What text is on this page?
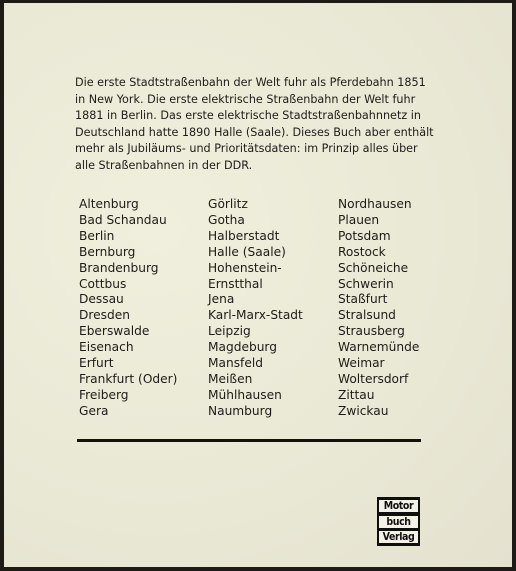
Die erste Stadtstraßenbahn der Welt fuhr als Pferdebahn 1851 in New York. Die erste elektrische Straßenbahn der Welt fuhr 1881 in Berlin. Das erste elektrische Stadtstraßenbahnnetz in Deutschland hatte 1890 Halle (Saale). Dieses Buch aber enthält mehr als Jubiläums- und Prioritätsdaten: im Prinzip alles über alle Straßenbahnen in der DDR.

Altenburg
Bad Schandau
Berlin
Bernburg
Brandenburg
Cottbus
Dessau
Dresden
Eberswalde
Eisenach
Erfurt
Frankfurt (Oder)
Freiberg
Gera
Görlitz
Gotha
Halberstadt
Halle (Saale)
Hohenstein-
Ernstthal
Jena
Karl-Marx-Stadt
Leipzig
Magdeburg
Mansfeld
Meißen
Mühlhausen
Naumburg
Nordhausen
Plauen
Potsdam
Rostock
Schöneiche
Schwerin
Staßfurt
Stralsund
Strausberg
Warnemünde
Weimar
Woltersdorf
Zittau
Zwickau
Motor
buch
Verlag
